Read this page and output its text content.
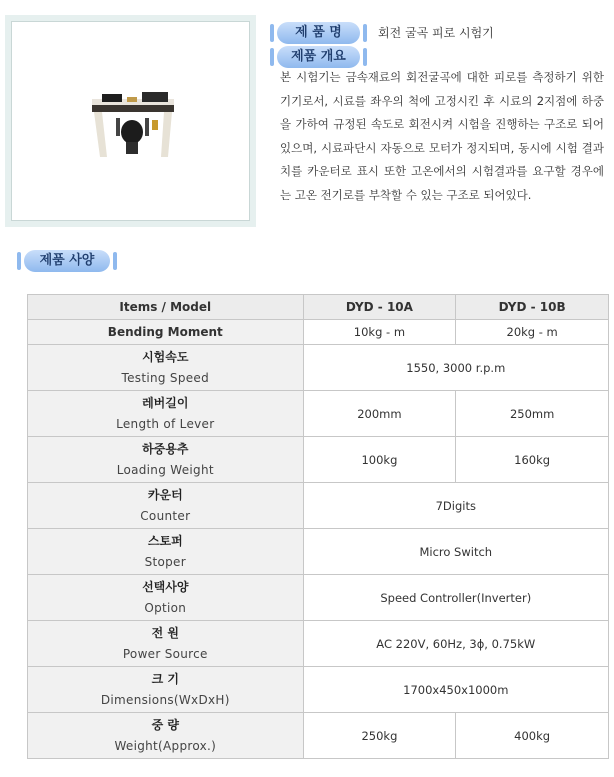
제 품 명	회전 굴곡 피로 시험기
제품 개요
본 시험기는 금속재료의 회전굴곡에 대한 피로를 측정하기 위한 기기로서, 시료를 좌우의 척에 고정시킨 후 시료의 2지점에 하중을 가하여 규정된 속도로 회전시켜 시험을 진행하는 구조로 되어있으며, 시료파단시 자동으로 모터가 정지되며, 동시에 시험 결과치를 카운터로 표시 또한 고온에서의 시험결과를 요구할 경우에는 고온 전기로를 부착할 수 있는 구조로 되어있다.
제품 사양
Items / Model	DYD - 10A	DYD - 10B
Bending Moment	10kg - m	20kg - m

시험속도
Testing Speed	1550, 3000 r.p.m	

레버길이
Length of Lever	200mm	250mm

하중용추
Loading Weight	100kg	160kg

카운터
Counter	7Digits	

스토퍼
Stoper	Micro Switch	

선택사양
Option	Speed Controller(Inverter)	

전 원
Power Source	AC 220V, 60Hz, 3ϕ, 0.75kW	

크 기
Dimensions(WxDxH)	1700x450x1000m	

중 량
Weight(Approx.)	250kg	400kg
